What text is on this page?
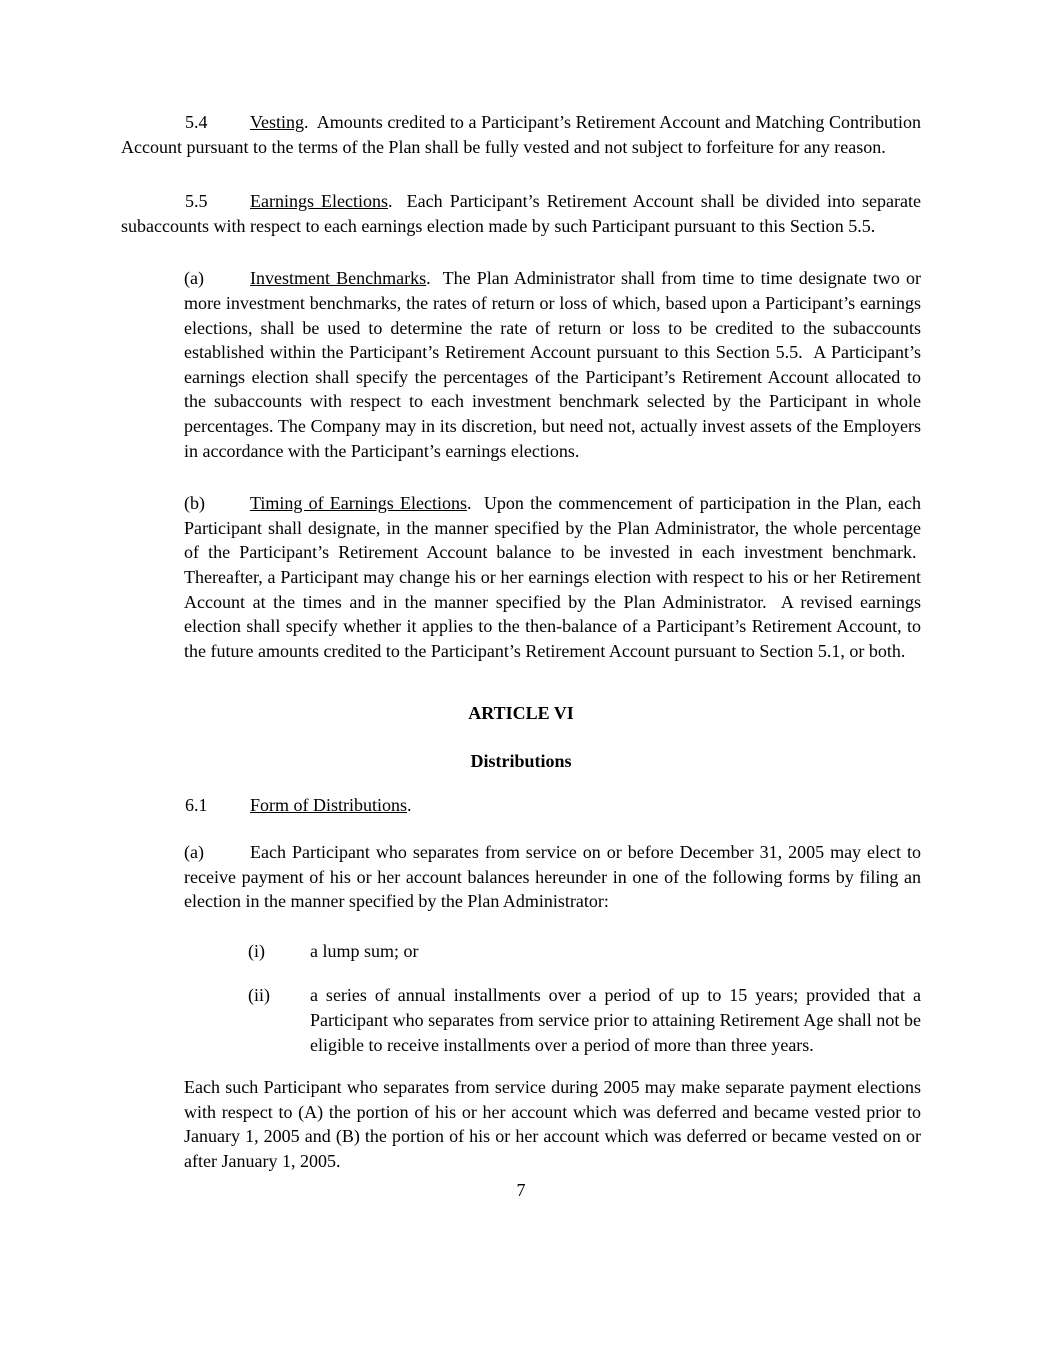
5.4 Vesting.  Amounts credited to a Participant’s Retirement Account and Matching Contribution Account pursuant to the terms of the Plan shall be fully vested and not subject to forfeiture for any reason.

5.5 Earnings Elections.  Each Participant’s Retirement Account shall be divided into separate subaccounts with respect to each earnings election made by such Participant pursuant to this Section 5.5.

(a)	Investment Benchmarks.  The Plan Administrator shall from time to time designate two or more investment benchmarks, the rates of return or loss of which, based upon a Participant’s earnings elections, shall be used to determine the rate of return or loss to be credited to the subaccounts established within the Participant’s Retirement Account pursuant to this Section 5.5.  A Participant’s earnings election shall specify the percentages of the Participant’s Retirement Account allocated to the subaccounts with respect to each investment benchmark selected by the Participant in whole percentages. The Company may in its discretion, but need not, actually invest assets of the Employers in accordance with the Participant’s earnings elections.

(b)	Timing of Earnings Elections.  Upon the commencement of participation in the Plan, each Participant shall designate, in the manner specified by the Plan Administrator, the whole percentage of the Participant’s Retirement Account balance to be invested in each investment benchmark.  Thereafter, a Participant may change his or her earnings election with respect to his or her Retirement Account at the times and in the manner specified by the Plan Administrator.  A revised earnings election shall specify whether it applies to the then-balance of a Participant’s Retirement Account, to the future amounts credited to the Participant’s Retirement Account pursuant to Section 5.1, or both.

ARTICLE VI

Distributions

6.1 Form of Distributions.

(a)	Each Participant who separates from service on or before December 31, 2005 may elect to receive payment of his or her account balances hereunder in one of the following forms by filing an election in the manner specified by the Plan Administrator:

(i)	a lump sum; or

(ii) a series of annual installments over a period of up to 15 years; provided that a Participant who separates from service prior to attaining Retirement Age shall not be eligible to receive installments over a period of more than three years.

Each such Participant who separates from service during 2005 may make separate payment elections with respect to (A) the portion of his or her account which was deferred and became vested prior to January 1, 2005 and (B) the portion of his or her account which was deferred or became vested on or after January 1, 2005.

7
